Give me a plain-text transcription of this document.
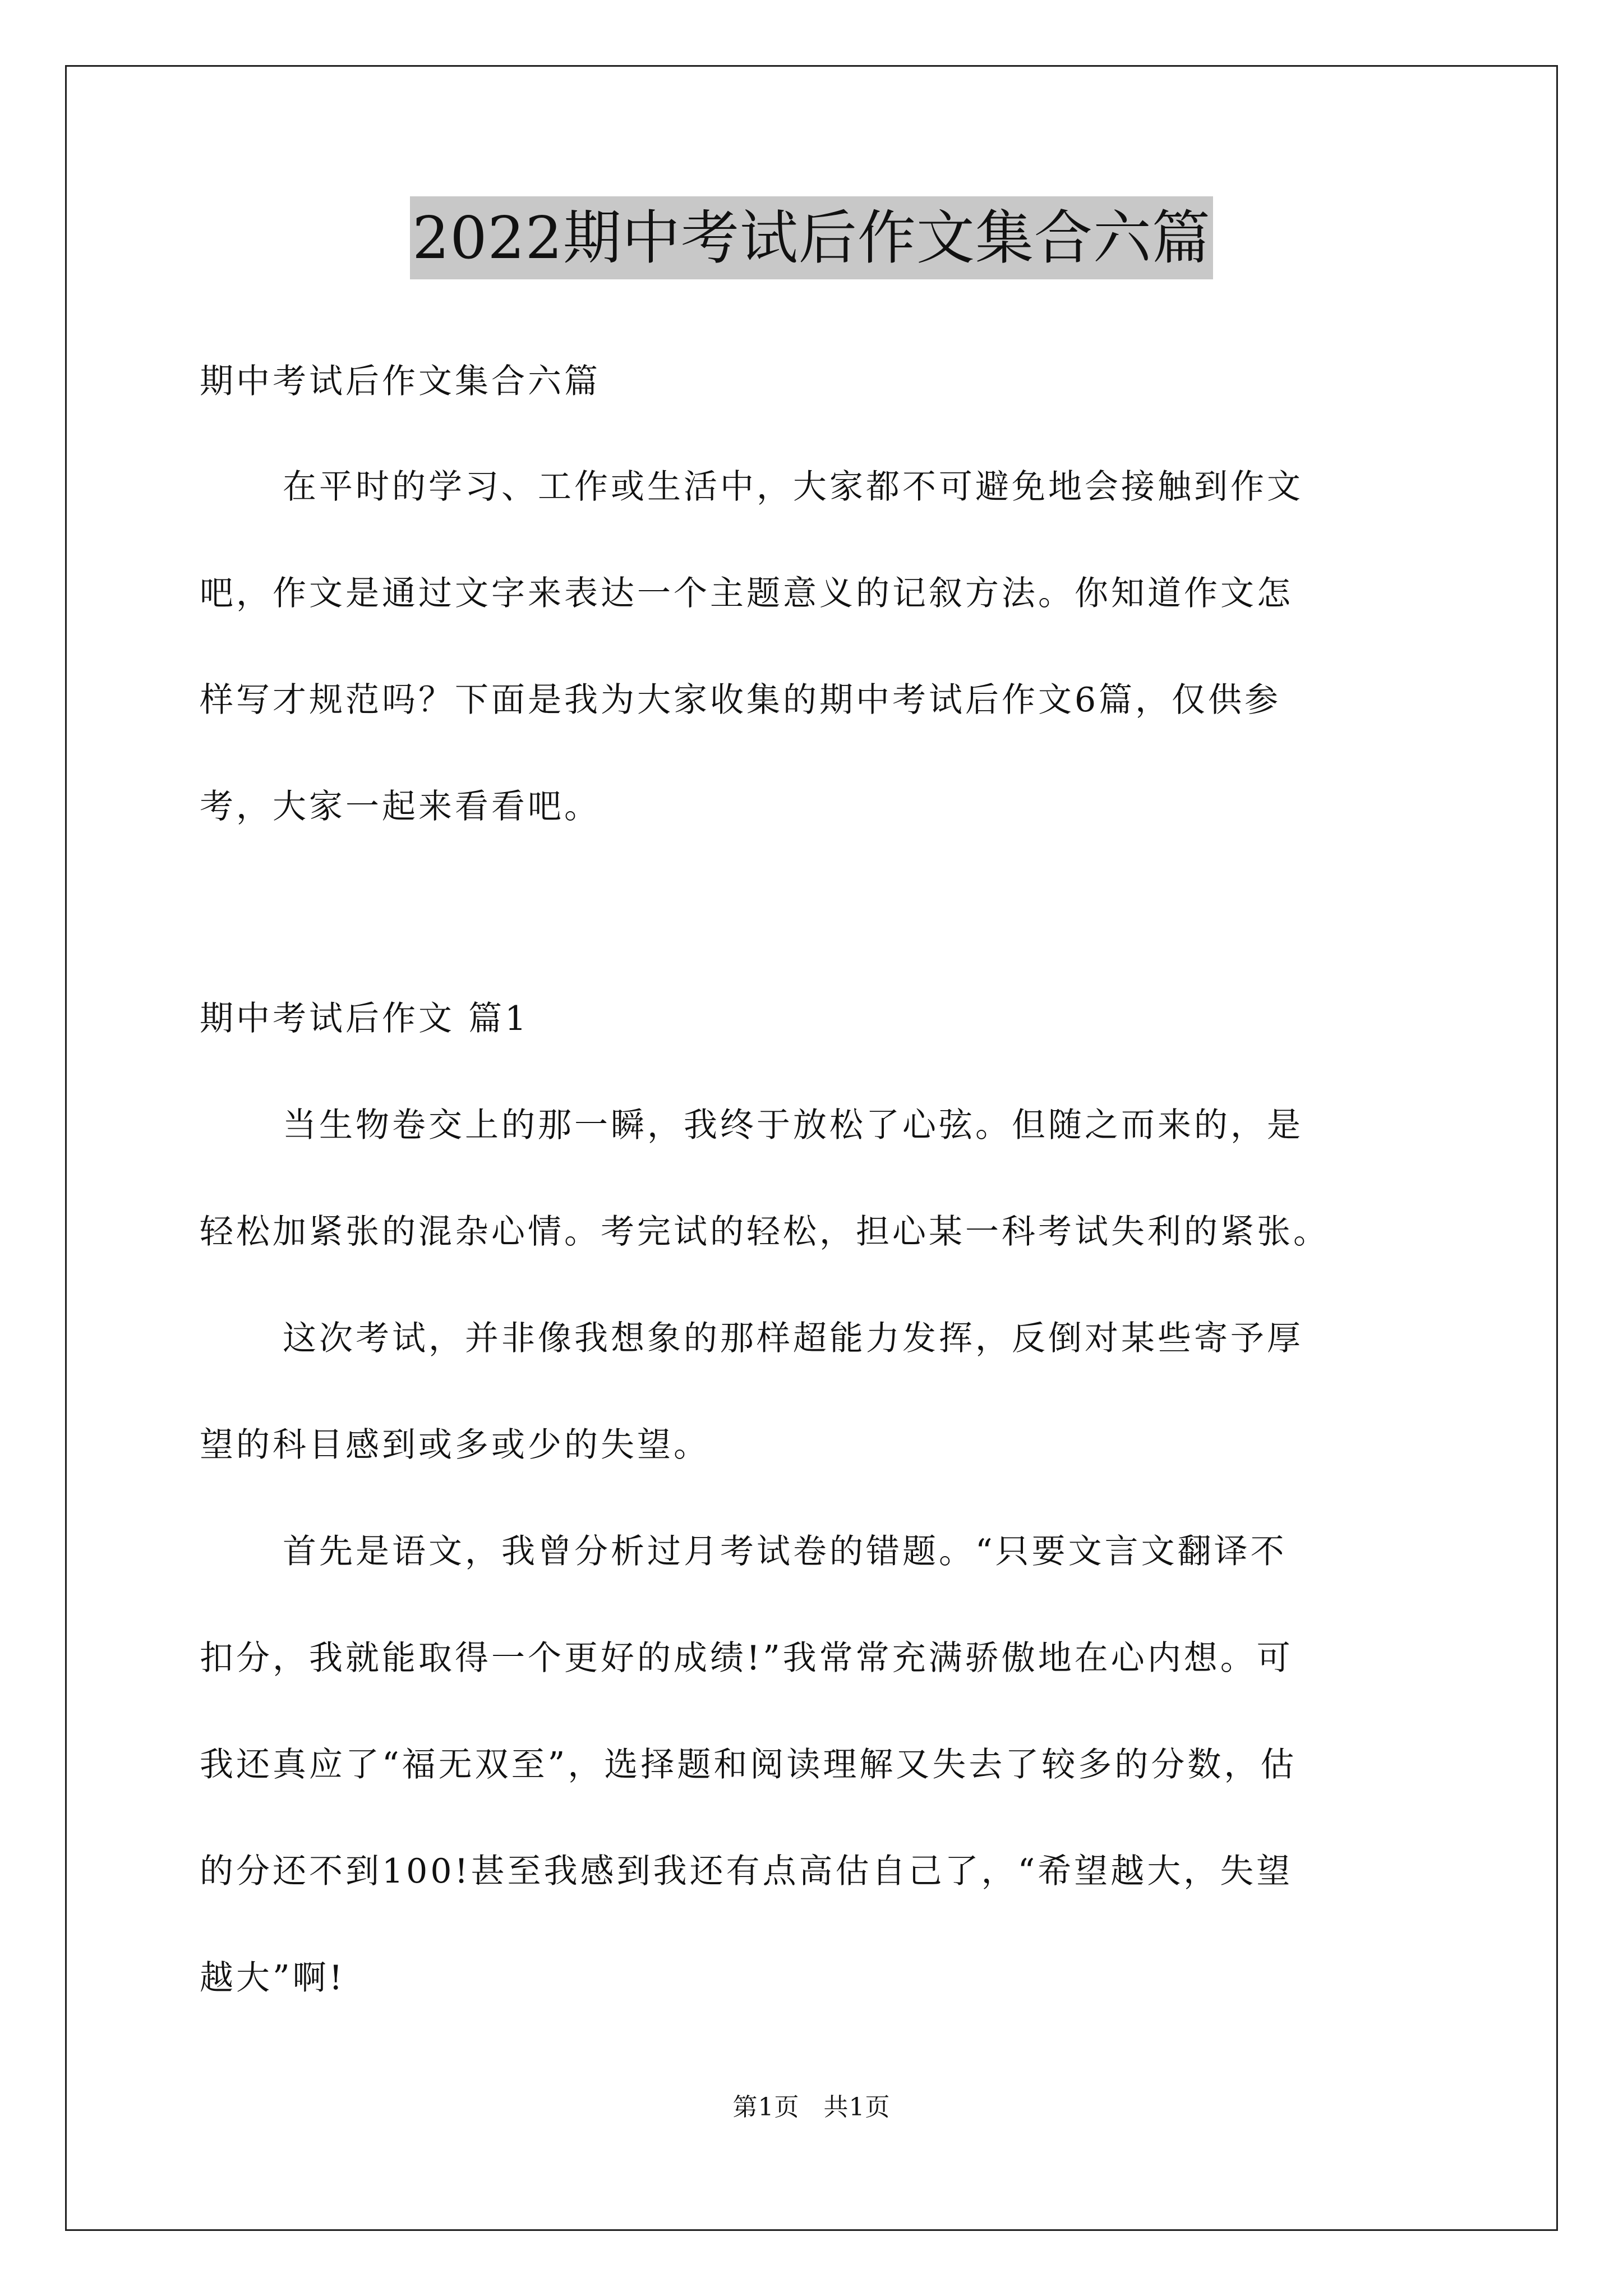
2022期中考试后作文集合六篇
期中考试后作文集合六篇
在平时的学习、工作或生活中，大家都不可避免地会接触到作文
吧，作文是通过文字来表达一个主题意义的记叙方法。你知道作文怎
样写才规范吗？下面是我为大家收集的期中考试后作文6篇，仅供参
考，大家一起来看看吧。
期中考试后作文 篇1
当生物卷交上的那一瞬，我终于放松了心弦。但随之而来的，是
轻松加紧张的混杂心情。考完试的轻松，担心某一科考试失利的紧张。
这次考试，并非像我想象的那样超能力发挥，反倒对某些寄予厚
望的科目感到或多或少的失望。
首先是语文，我曾分析过月考试卷的错题。“只要文言文翻译不
扣分，我就能取得一个更好的成绩!”我常常充满骄傲地在心内想。可
我还真应了“福无双至”，选择题和阅读理解又失去了较多的分数，估
的分还不到100!甚至我感到我还有点高估自己了，“希望越大，失望
越大”啊!
第1页 共1页
